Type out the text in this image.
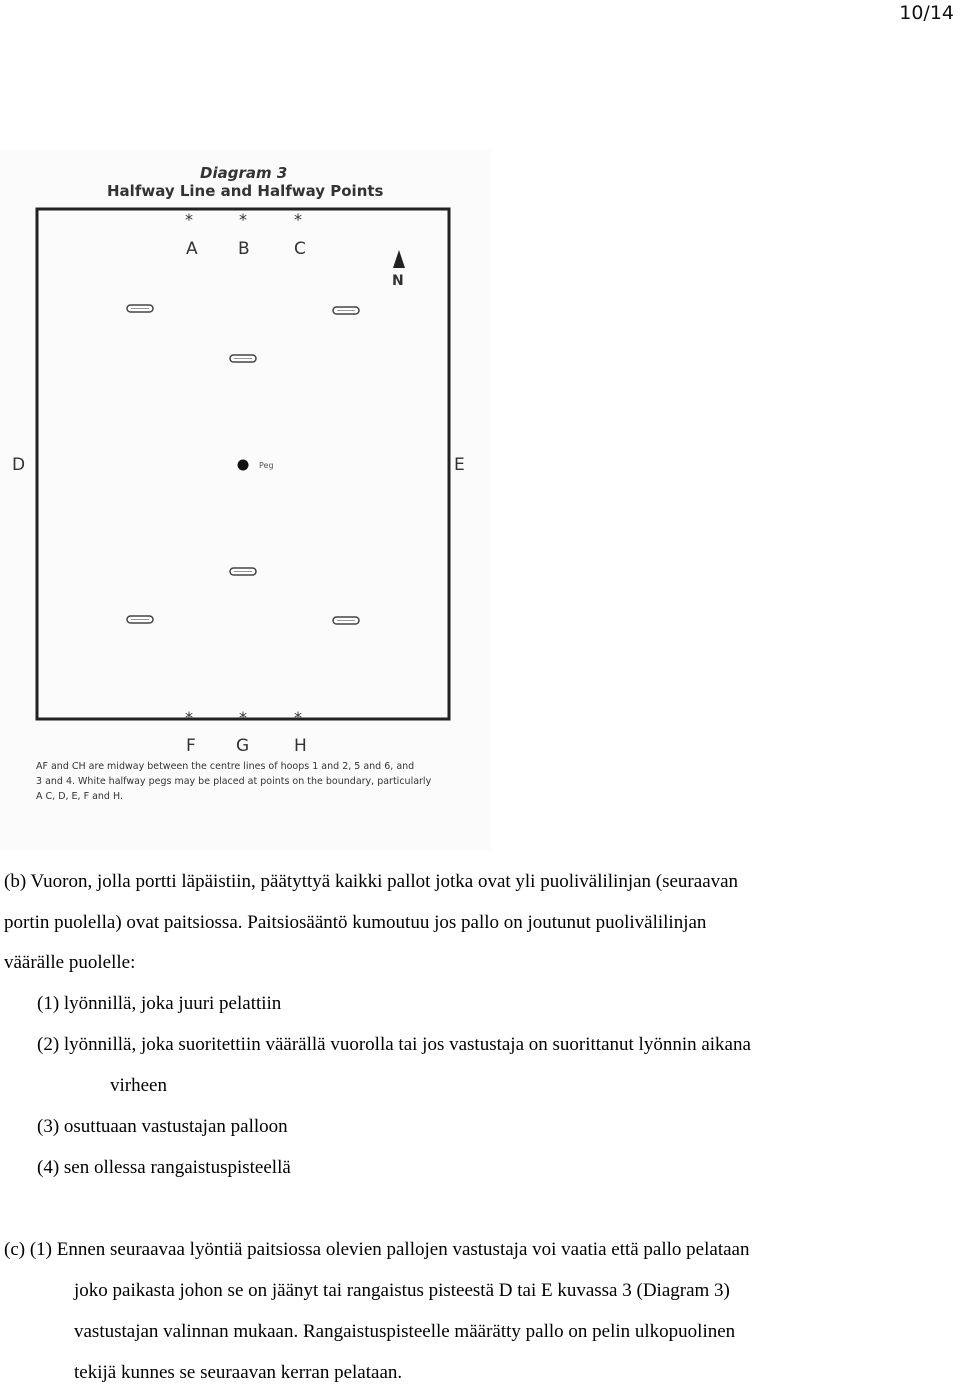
10/14
Diagram 3
Halfway Line and Halfway Points
*	*	*
A B	C
N
Peg
D	E
*	*	*
F G	H
AF and CH are midway between the centre lines of hoops 1 and 2, 5 and 6, and
3 and 4. White halfway pegs may be placed at points on the boundary, particularly
A C, D, E, F and H.
(b) Vuoron, jolla portti läpäistiin, päätyttyä kaikki pallot jotka ovat yli puolivälilinjan (seuraavan
portin puolella) ovat paitsiossa. Paitsiosääntö kumoutuu jos pallo on joutunut puolivälilinjan
väärälle puolelle:
(1) lyönnillä, joka juuri pelattiin
(2) lyönnillä, joka suoritettiin väärällä vuorolla tai jos vastustaja on suorittanut lyönnin aikana
virheen
(3) osuttuaan vastustajan palloon
(4) sen ollessa rangaistuspisteellä
(c) (1) Ennen seuraavaa lyöntiä paitsiossa olevien pallojen vastustaja voi vaatia että pallo pelataan
joko paikasta johon se on jäänyt tai rangaistus pisteestä D tai E kuvassa 3 (Diagram 3)
vastustajan valinnan mukaan. Rangaistuspisteelle määrätty pallo on pelin ulkopuolinen
tekijä kunnes se seuraavan kerran pelataan.
